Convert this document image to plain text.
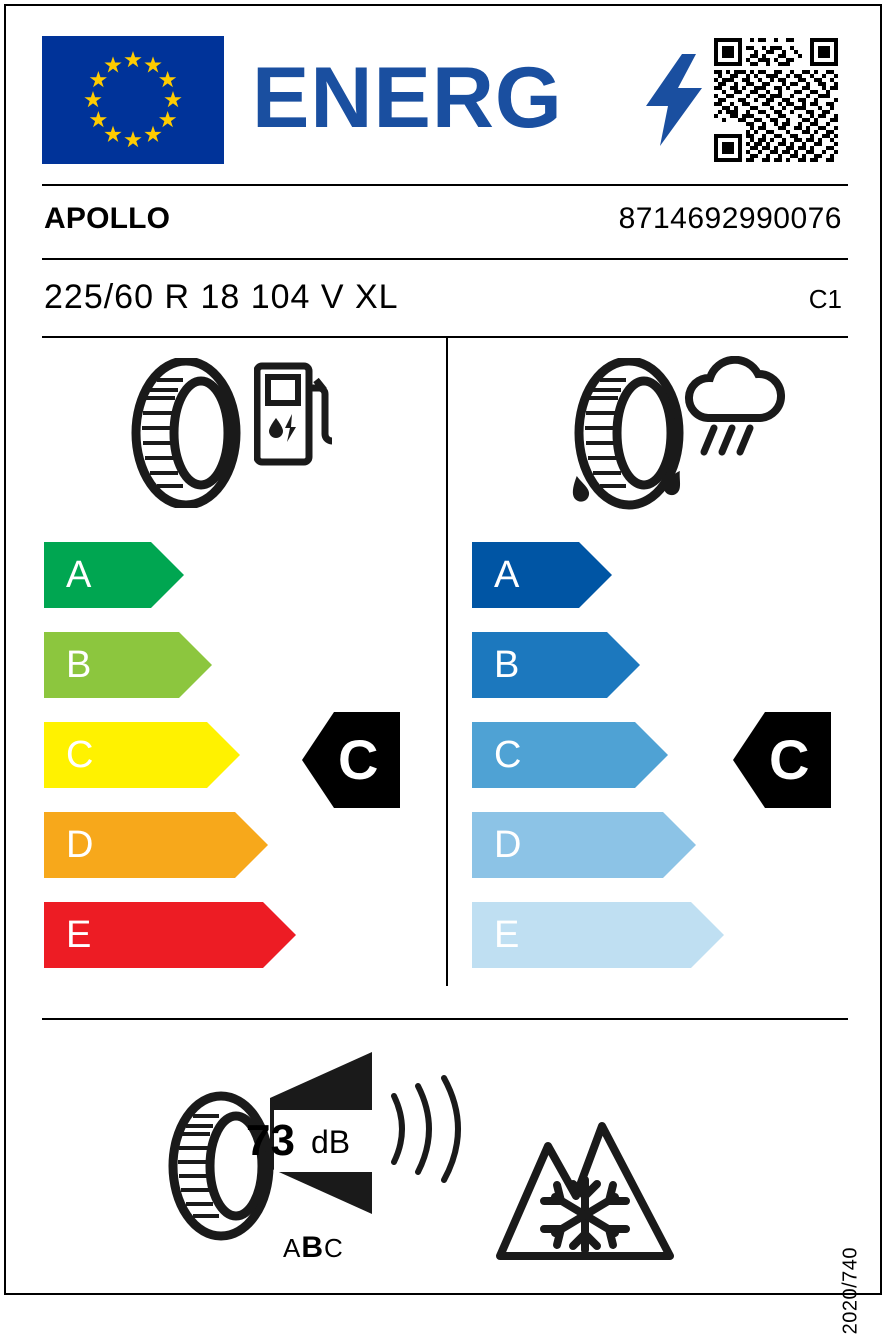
ENERG
APOLLO	8714692990076
225/60 R 18 104 V XL	C1
A
B
C
D
E
C
A
B
C
D
E
C
73 dB
ABC	2020/740
